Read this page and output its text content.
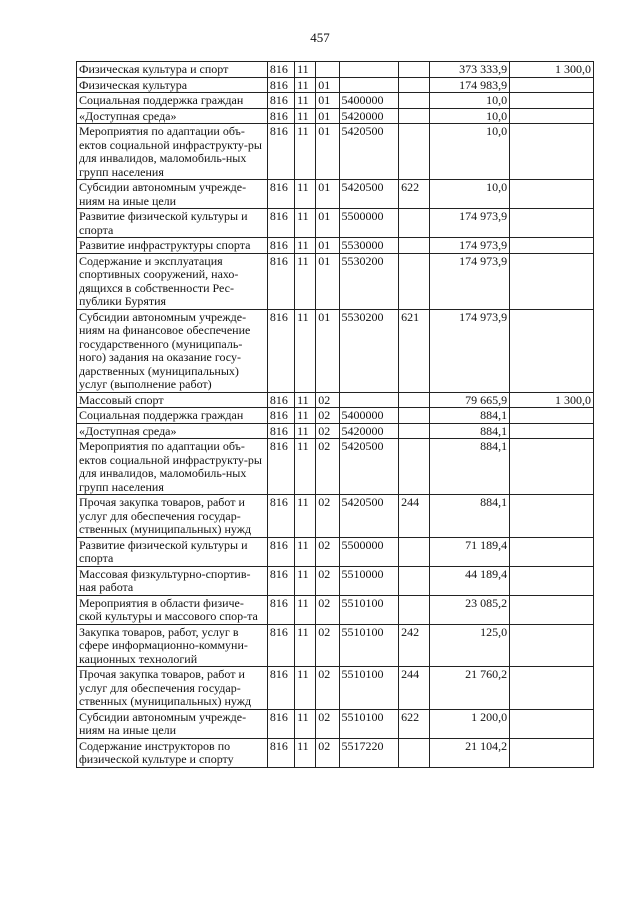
457
Физическая культура и спорт	816	11				373 333,9	1 300,0
Физическая культура	816	11	01			174 983,9	
Социальная поддержка граждан	816	11	01	5400000		10,0	
«Доступная среда»	816	11	01	5420000		10,0	
Мероприятия по адаптации объ-ектов социальной инфраструкту-ры для инвалидов, маломобиль-ных групп населения	816	11	01	5420500		10,0	
Субсидии автономным учрежде-ниям на иные цели	816	11	01	5420500	622	10,0	
Развитие физической культуры и спорта	816	11	01	5500000		174 973,9	
Развитие инфраструктуры спорта	816	11	01	5530000		174 973,9	
Содержание и эксплуатация спортивных сооружений, нахо-дящихся в собственности Рес-публики Бурятия	816	11	01	5530200		174 973,9	
Субсидии автономным учрежде-ниям на финансовое обеспечение государственного (муниципаль-ного) задания на оказание госу-дарственных (муниципальных) услуг (выполнение работ)	816	11	01	5530200	621	174 973,9	
Массовый спорт	816	11	02			79 665,9	1 300,0
Социальная поддержка граждан	816	11	02	5400000		884,1	
«Доступная среда»	816	11	02	5420000		884,1	
Мероприятия по адаптации объ-ектов социальной инфраструкту-ры для инвалидов, маломобиль-ных групп населения	816	11	02	5420500		884,1	
Прочая закупка товаров, работ и услуг для обеспечения государ-ственных (муниципальных) нужд	816	11	02	5420500	244	884,1	
Развитие физической культуры и спорта	816	11	02	5500000		71 189,4	
Массовая физкультурно-спортив-ная работа	816	11	02	5510000		44 189,4	
Мероприятия в области физиче-ской культуры и массового спор-та	816	11	02	5510100		23 085,2	
Закупка товаров, работ, услуг в сфере информационно-коммуни-кационных технологий	816	11	02	5510100	242	125,0	
Прочая закупка товаров, работ и услуг для обеспечения государ-ственных (муниципальных) нужд	816	11	02	5510100	244	21 760,2	
Субсидии автономным учрежде-ниям на иные цели	816	11	02	5510100	622	1 200,0	
Содержание инструкторов по физической культуре и спорту	816	11	02	5517220		21 104,2	
